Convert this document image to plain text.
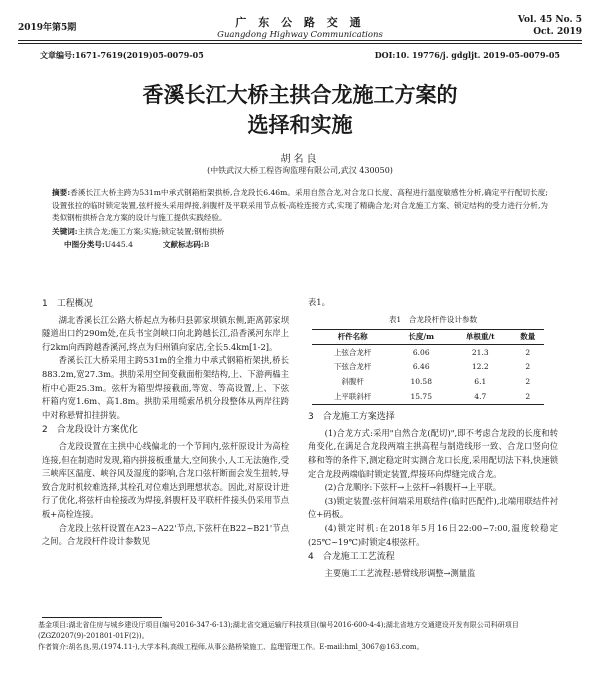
2019年第5期	广 东 公 路 交 通
Guangdong Highway Communications
Vol. 45 No. 5
Oct. 2019
文章编号:1671-7619(2019)05-0079-05	DOI:10. 19776/j. gdgljt. 2019-05-0079-05
香溪长江大桥主拱合龙施工方案的
选择和实施
胡名良
(中铁武汉大桥工程咨询监理有限公司,武汉 430050)
摘要:香溪长江大桥主跨为531m中承式钢箱桁架拱桥,合龙段长6.46m。采用自然合龙,对合龙口长度、高程进行温度敏感性分析,确定平行配切长度;设置张拉的临时锁定装置,弦杆接头采用焊接,斜腹杆及平联采用节点板-高栓连接方式,实现了精确合龙;对合龙施工方案、锁定结构的受力进行分析,为类似钢桁拱桥合龙方案的设计与施工提供实践经验。
关键词:主拱合龙;施工方案;实施;锁定装置;钢桁拱桥
中图分类号:U445.4	文献标志码:B
1　工程概况
湖北香溪长江公路大桥起点为秭归县郭家坝镇东侧,距离郭家坝隧道出口约290m处,在兵书宝剑峡口向北跨越长江,沿香溪河东岸上行2km向西跨越香溪河,终点为归州镇向家店,全长5.4km[1-2]。
香溪长江大桥采用主跨531m的全推力中承式钢箱桁架拱,桥长883.2m,宽27.3m。拱肋采用空间变截面桁架结构,上、下游两榀主桁中心距25.3m。弦杆为箱型焊接截面,等宽、等高设置,上、下弦杆箱内宽1.6m、高1.8m。拱肋采用缆索吊机分段整体从两岸往跨中对称悬臂扣挂拼装。
2　合龙段设计方案优化
合龙段设置在主拱中心线偏北的一个节间内,弦杆原设计为高栓连接,但在制造时发现,箱内拼接板重量大,空间狭小,人工无法施作,受三峡库区温度、峡谷风及湿度的影响,合龙口弦杆断面会发生扭转,导致合龙时机较难选择,其栓孔对位难达到理想状态。因此,对原设计进行了优化,将弦杆由栓接改为焊接,斜腹杆及平联杆件接头仍采用节点板+高栓连接。
合龙段上弦杆设置在A23~A22'节点,下弦杆在B22~B21'节点之间。合龙段杆件设计参数见
表1。
表1　合龙段杆件设计参数
杆件名称	长度/m	单根重/t	数量
上弦合龙杆	6.06	21.3	2
下弦合龙杆	6.46	12.2	2
斜腹杆	10.58	6.1	2
上平联斜杆	15.75	4.7	2
3　合龙施工方案选择
(1)合龙方式:采用"自然合龙(配切)",即不考虑合龙段的长度和转角变化,在满足合龙段两端主拱高程与制造线形一致、合龙口竖向位移和等的条件下,测定稳定时实测合龙口长度,采用配切法下料,快速锁定合龙段两端临时锁定装置,焊接环向焊缝完成合龙。
(2)合龙顺序:下弦杆→上弦杆→斜腹杆→上平联。
(3)锁定装置:弦杆间端采用联结件(临时匹配件),北端用联结件衬位+码板。
(4)锁定时机:在2018年5月16日22:00~7:00,温度较稳定(25℃~19℃)时锁定4根弦杆。
4　合龙施工工艺流程
主要施工工艺流程:悬臂线形调整→测量监
基金项目:湖北省住房与城乡建设厅项目(编号2016-347-6-13);湖北省交通运输厅科技项目(编号2016-600-4-4);湖北省地方交通建设开发有限公司科研项目(ZGZ0207(9)-201801-01F(2))。
作者简介:胡名良,男,(1974.11-),大学本科,高级工程师,从事公路桥梁施工、监理管理工作。E-mail:hml_3067@163.com。
